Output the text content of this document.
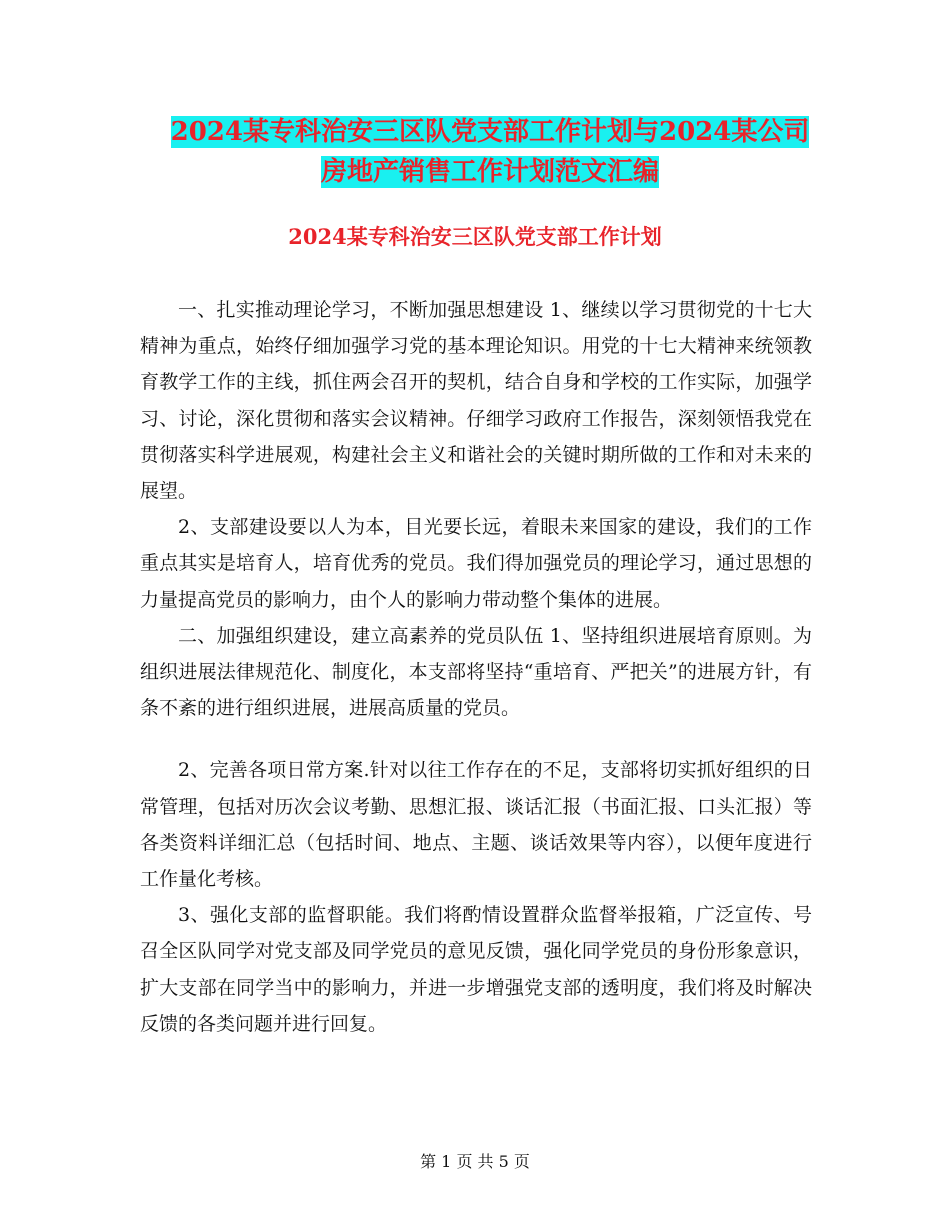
2024某专科治安三区队党支部工作计划与2024某公司
房地产销售工作计划范文汇编
2024某专科治安三区队党支部工作计划

一、扎实推动理论学习，不断加强思想建设 1、继续以学习贯彻党的十七大精神为重点，始终仔细加强学习党的基本理论知识。用党的十七大精神来统领教育教学工作的主线，抓住两会召开的契机，结合自身和学校的工作实际，加强学习、讨论，深化贯彻和落实会议精神。仔细学习政府工作报告，深刻领悟我党在贯彻落实科学进展观，构建社会主义和谐社会的关键时期所做的工作和对未来的展望。

2、支部建设要以人为本，目光要长远，着眼未来国家的建设，我们的工作重点其实是培育人，培育优秀的党员。我们得加强党员的理论学习，通过思想的力量提高党员的影响力，由个人的影响力带动整个集体的进展。

二、加强组织建设，建立高素养的党员队伍 1、坚持组织进展培育原则。为组织进展法律规范化、制度化，本支部将坚持“重培育、严把关”的进展方针，有条不紊的进行组织进展，进展高质量的党员。

2、完善各项日常方案.针对以往工作存在的不足，支部将切实抓好组织的日常管理，包括对历次会议考勤、思想汇报、谈话汇报（书面汇报、口头汇报）等各类资料详细汇总（包括时间、地点、主题、谈话效果等内容），以便年度进行工作量化考核。

3、强化支部的监督职能。我们将酌情设置群众监督举报箱，广泛宣传、号召全区队同学对党支部及同学党员的意见反馈，强化同学党员的身份形象意识，扩大支部在同学当中的影响力，并进一步增强党支部的透明度，我们将及时解决反馈的各类问题并进行回复。

第 1 页 共 5 页
